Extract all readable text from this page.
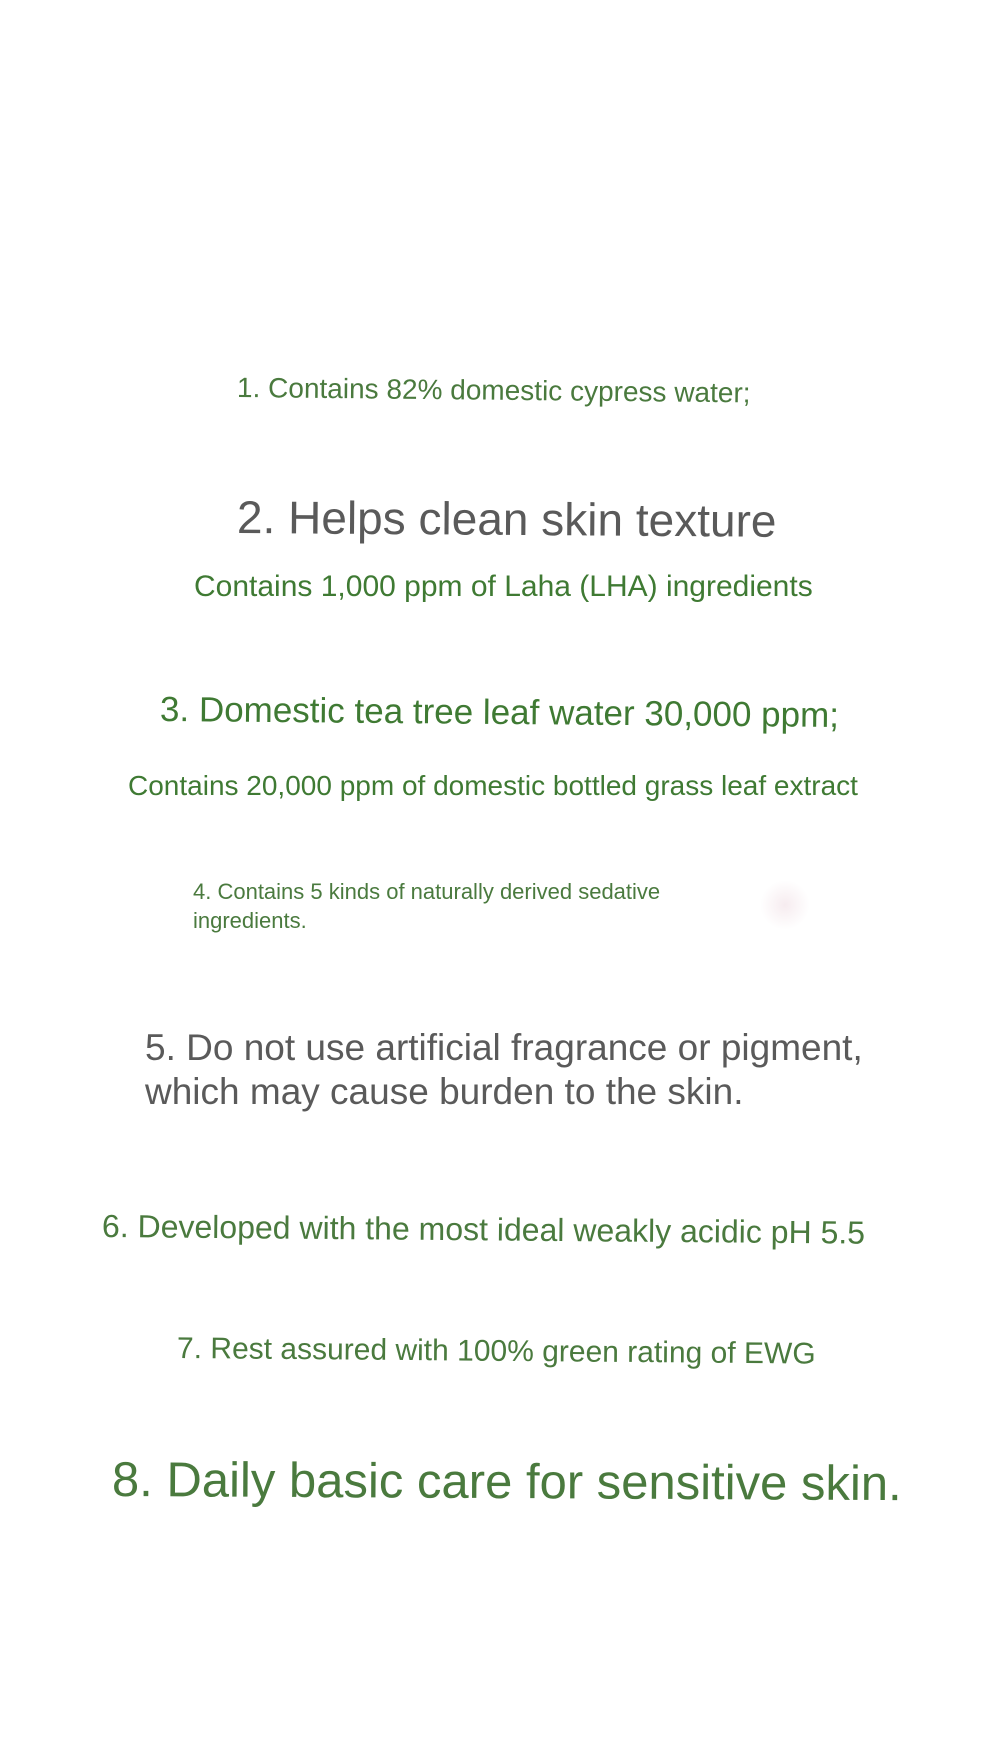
1. Contains 82% domestic cypress water;

2. Helps clean skin texture

Contains 1,000 ppm of Laha (LHA) ingredients

3. Domestic tea tree leaf water 30,000 ppm;

Contains 20,000 ppm of domestic bottled grass leaf extract

4. Contains 5 kinds of naturally derived sedative ingredients.

5. Do not use artificial fragrance or pigment, which may cause burden to the skin.

6. Developed with the most ideal weakly acidic pH 5.5

7. Rest assured with 100% green rating of EWG

8. Daily basic care for sensitive skin.
